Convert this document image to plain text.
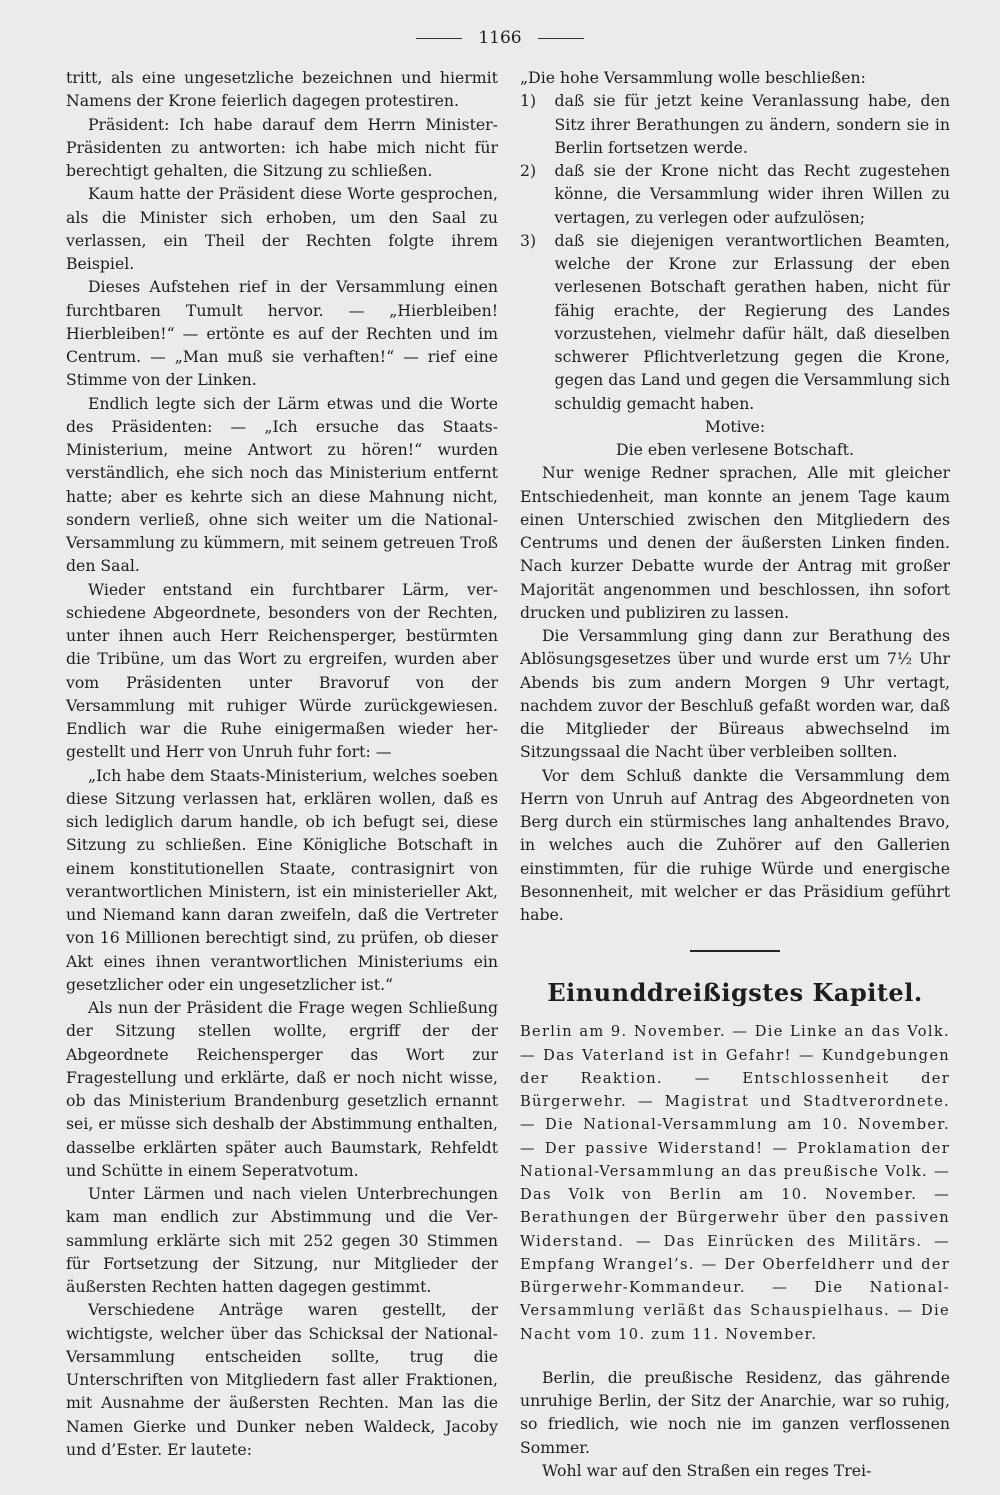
1166

tritt, als eine ungesetzliche bezeichnen und hiermit Namens der Krone feierlich dagegen protestiren.

Präsident: Ich habe darauf dem Herrn Minister-Präsidenten zu antworten: ich habe mich nicht für berechtigt gehalten, die Sitzung zu schließen.

Kaum hatte der Präsident diese Worte gesprochen, als die Minister sich erhoben, um den Saal zu verlassen, ein Theil der Rechten folgte ihrem Beispiel.

Dieses Aufstehen rief in der Versammlung einen furchtbaren Tumult hervor. — „Hierbleiben! Hierbleiben!“ — ertönte es auf der Rechten und im Centrum. — „Man muß sie verhaften!“ — rief eine Stimme von der Linken.

Endlich legte sich der Lärm etwas und die Worte des Präsidenten: — „Ich ersuche das Staats-Ministerium, meine Antwort zu hören!“ wurden verständlich, ehe sich noch das Ministerium entfernt hatte; aber es kehrte sich an diese Mahnung nicht, sondern verließ, ohne sich weiter um die National-Versammlung zu kümmern, mit seinem getreuen Troß den Saal.

Wieder entstand ein furchtbarer Lärm, verschiedene Abgeordnete, besonders von der Rechten, unter ihnen auch Herr Reichensperger, bestürmten die Tribüne, um das Wort zu ergreifen, wurden aber vom Präsidenten unter Bravoruf von der Versammlung mit ruhiger Würde zurückgewiesen. Endlich war die Ruhe einigermaßen wieder hergestellt und Herr von Unruh fuhr fort: —

„Ich habe dem Staats-Ministerium, welches soeben diese Sitzung verlassen hat, erklären wollen, daß es sich lediglich darum handle, ob ich befugt sei, diese Sitzung zu schließen. Eine Königliche Botschaft in einem konstitutionellen Staate, contrasignirt von verantwortlichen Ministern, ist ein ministerieller Akt, und Niemand kann daran zweifeln, daß die Vertreter von 16 Millionen berechtigt sind, zu prüfen, ob dieser Akt eines ihnen verantwortlichen Ministeriums ein gesetzlicher oder ein ungesetzlicher ist.“

Als nun der Präsident die Frage wegen Schließung der Sitzung stellen wollte, ergriff der der Abgeordnete Reichensperger das Wort zur Fragestellung und erklärte, daß er noch nicht wisse, ob das Ministerium Brandenburg gesetzlich ernannt sei, er müsse sich deshalb der Abstimmung enthalten, dasselbe erklärten später auch Baumstark, Rehfeldt und Schütte in einem Seperatvotum.

Unter Lärmen und nach vielen Unterbrechungen kam man endlich zur Abstimmung und die Versammlung erklärte sich mit 252 gegen 30 Stimmen für Fortsetzung der Sitzung, nur Mitglieder der äußersten Rechten hatten dagegen gestimmt.

Verschiedene Anträge waren gestellt, der wichtigste, welcher über das Schicksal der National-Versammlung entscheiden sollte, trug die Unterschriften von Mitgliedern fast aller Fraktionen, mit Ausnahme der äußersten Rechten. Man las die Namen Gierke und Dunker neben Waldeck, Jacoby und d’Ester. Er lautete:

„Die hohe Versammlung wolle beschließen:

1) daß sie für jetzt keine Veranlassung habe, den Sitz ihrer Berathungen zu ändern, sondern sie in Berlin fortsetzen werde.

2) daß sie der Krone nicht das Recht zugestehen könne, die Versammlung wider ihren Willen zu vertagen, zu verlegen oder aufzulösen;

3) daß sie diejenigen verantwortlichen Beamten, welche der Krone zur Erlassung der eben verlesenen Botschaft gerathen haben, nicht für fähig erachte, der Regierung des Landes vorzustehen, vielmehr dafür hält, daß dieselben schwerer Pflichtverletzung gegen die Krone, gegen das Land und gegen die Versammlung sich schuldig gemacht haben.

Motive:

Die eben verlesene Botschaft.

Nur wenige Redner sprachen, Alle mit gleicher Entschiedenheit, man konnte an jenem Tage kaum einen Unterschied zwischen den Mitgliedern des Centrums und denen der äußersten Linken finden. Nach kurzer Debatte wurde der Antrag mit großer Majorität angenommen und beschlossen, ihn sofort drucken und publiziren zu lassen.

Die Versammlung ging dann zur Berathung des Ablösungsgesetzes über und wurde erst um 7½ Uhr Abends bis zum andern Morgen 9 Uhr vertagt, nachdem zuvor der Beschluß gefaßt worden war, daß die Mitglieder der Büreaus abwechselnd im Sitzungssaal die Nacht über verbleiben sollten.

Vor dem Schluß dankte die Versammlung dem Herrn von Unruh auf Antrag des Abgeordneten von Berg durch ein stürmisches lang anhaltendes Bravo, in welches auch die Zuhörer auf den Gallerien einstimmten, für die ruhige Würde und energische Besonnenheit, mit welcher er das Präsidium geführt habe.

Einunddreißigstes Kapitel.
Berlin am 9. November. — Die Linke an das Volk. — Das Vaterland ist in Gefahr! — Kundgebungen der Reaktion. — Entschlossenheit der Bürgerwehr. — Magistrat und Stadtverordnete. — Die National-Versammlung am 10. November. — Der passive Widerstand! — Proklamation der National-Versammlung an das preußische Volk. — Das Volk von Berlin am 10. November. — Berathungen der Bürgerwehr über den passiven Widerstand. — Das Einrücken des Militärs. — Empfang Wrangel’s. — Der Oberfeldherr und der Bürgerwehr-Kommandeur. — Die National-Versammlung verläßt das Schauspielhaus. — Die Nacht vom 10. zum 11. November.

Berlin, die preußische Residenz, das gährende unruhige Berlin, der Sitz der Anarchie, war so ruhig, so friedlich, wie noch nie im ganzen verflossenen Sommer.

Wohl war auf den Straßen ein reges Trei-
